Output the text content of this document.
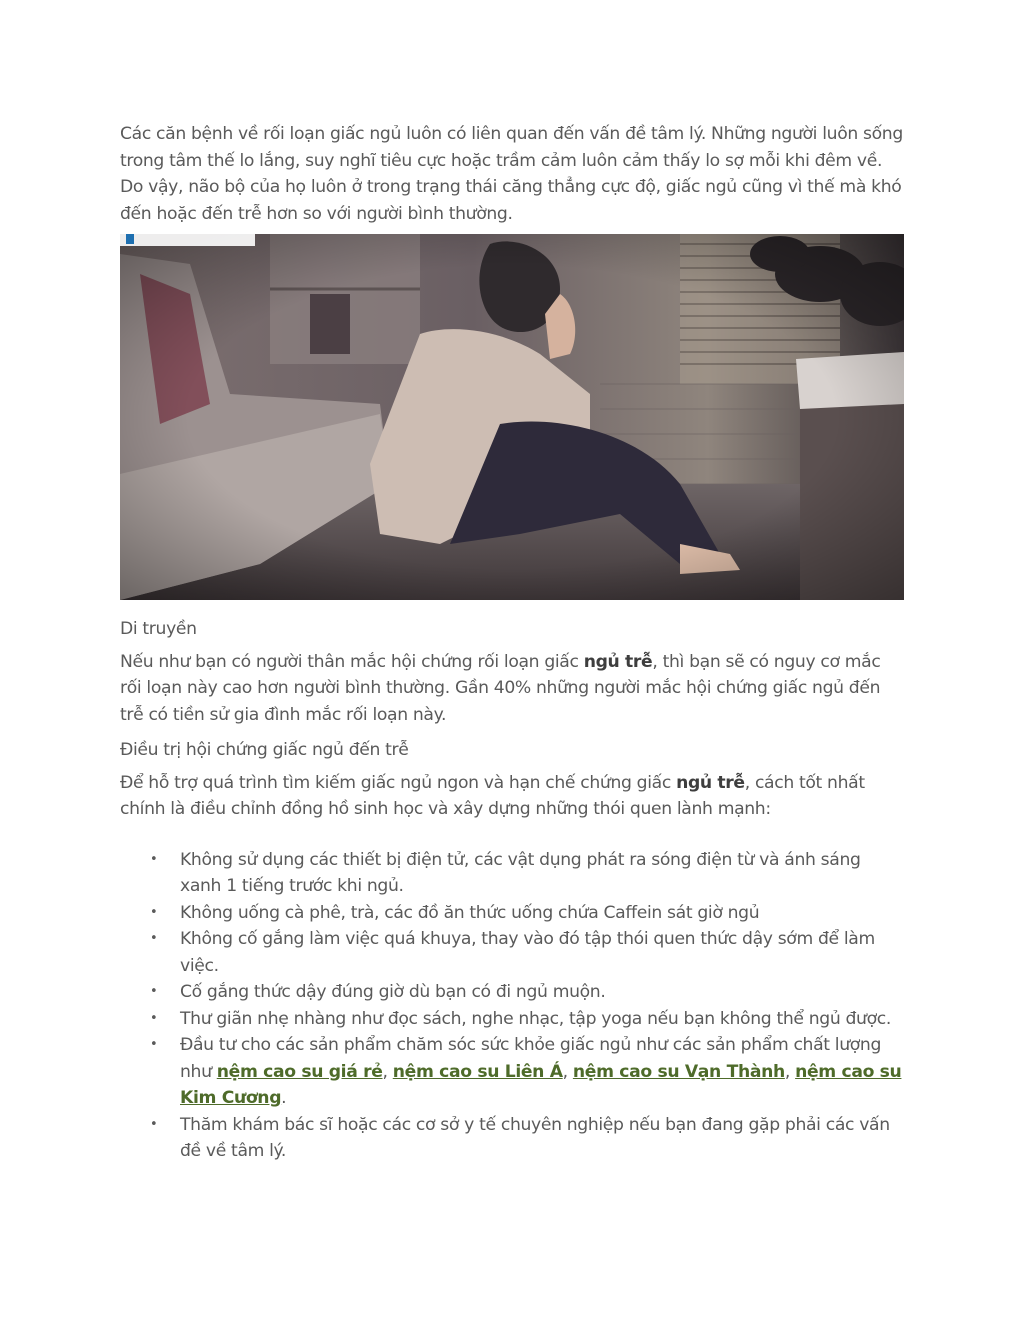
Các căn bệnh về rối loạn giấc ngủ luôn có liên quan đến vấn đề tâm lý. Những người luôn sống trong tâm thế lo lắng, suy nghĩ tiêu cực hoặc trầm cảm luôn cảm thấy lo sợ mỗi khi đêm về. Do vậy, não bộ của họ luôn ở trong trạng thái căng thẳng cực độ, giấc ngủ cũng vì thế mà khó đến hoặc đến trễ hơn so với người bình thường.

Di truyền

Nếu như bạn có người thân mắc hội chứng rối loạn giấc ngủ trễ, thì bạn sẽ có nguy cơ mắc rối loạn này cao hơn người bình thường. Gần 40% những người mắc hội chứng giấc ngủ đến trễ có tiền sử gia đình mắc rối loạn này.

Điều trị hội chứng giấc ngủ đến trễ

Để hỗ trợ quá trình tìm kiếm giấc ngủ ngon và hạn chế chứng giấc ngủ trễ, cách tốt nhất chính là điều chỉnh đồng hồ sinh học và xây dựng những thói quen lành mạnh:

• Không sử dụng các thiết bị điện tử, các vật dụng phát ra sóng điện từ và ánh sáng xanh 1 tiếng trước khi ngủ.
• Không uống cà phê, trà, các đồ ăn thức uống chứa Caffein sát giờ ngủ
• Không cố gắng làm việc quá khuya, thay vào đó tập thói quen thức dậy sớm để làm việc.
• Cố gắng thức dậy đúng giờ dù bạn có đi ngủ muộn.
• Thư giãn nhẹ nhàng như đọc sách, nghe nhạc, tập yoga nếu bạn không thể ngủ được.
• Đầu tư cho các sản phẩm chăm sóc sức khỏe giấc ngủ như các sản phẩm chất lượng như nệm cao su giá rẻ, nệm cao su Liên Á, nệm cao su Vạn Thành, nệm cao su Kim Cương.
• Thăm khám bác sĩ hoặc các cơ sở y tế chuyên nghiệp nếu bạn đang gặp phải các vấn đề về tâm lý.
